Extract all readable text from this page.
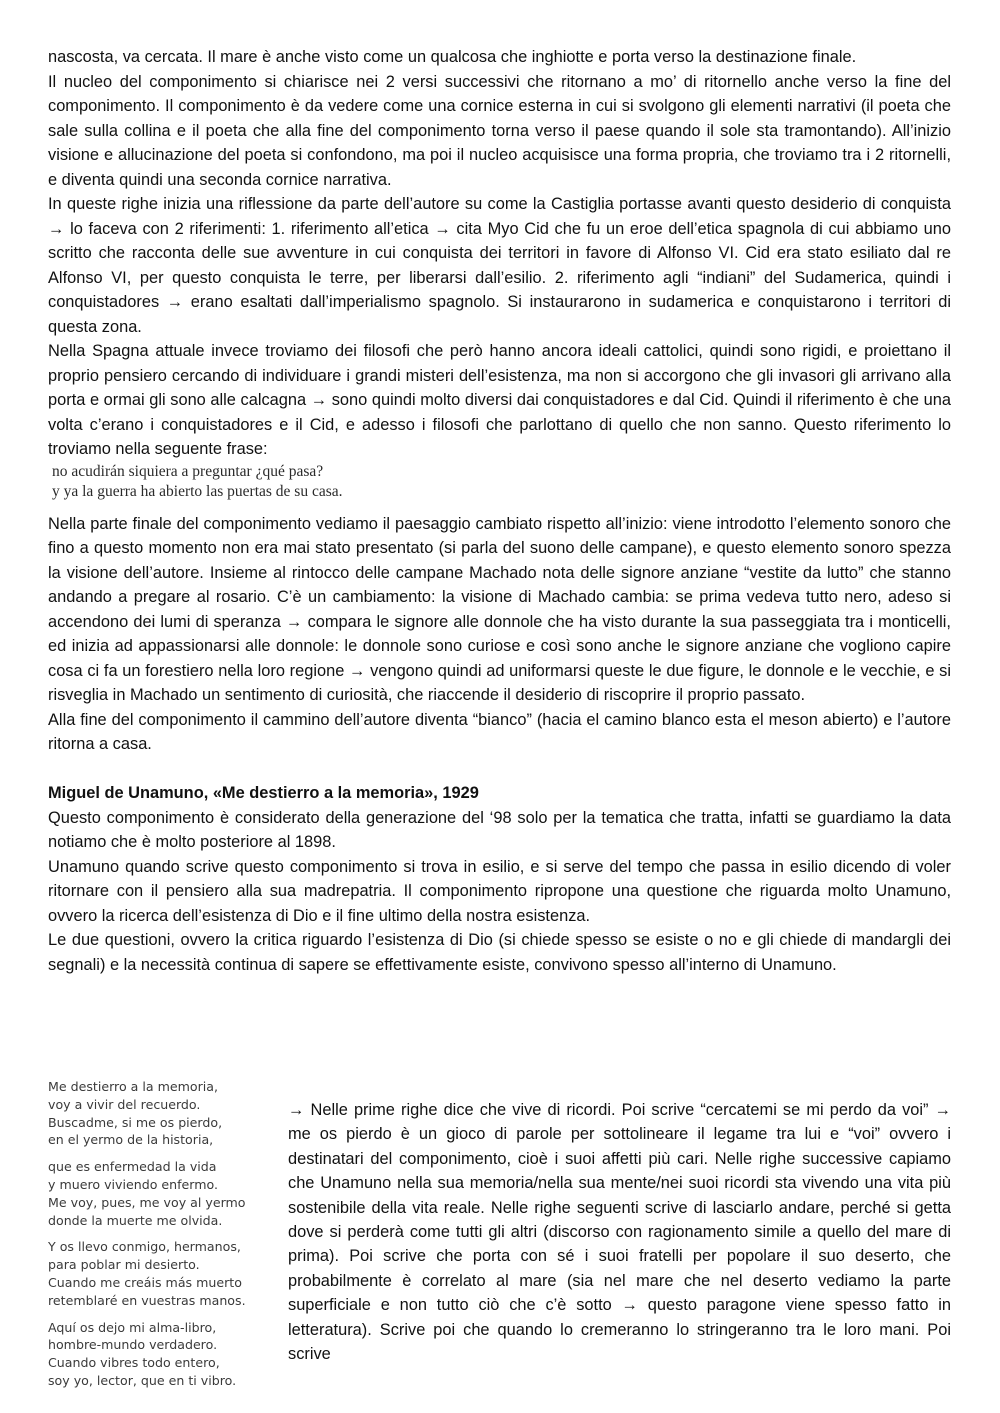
nascosta, va cercata. Il mare è anche visto come un qualcosa che inghiotte e porta verso la destinazione finale.

Il nucleo del componimento si chiarisce nei 2 versi successivi che ritornano a mo’ di ritornello anche verso la fine del componimento. Il componimento è da vedere come una cornice esterna in cui si svolgono gli elementi narrativi (il poeta che sale sulla collina e il poeta che alla fine del componimento torna verso il paese quando il sole sta tramontando). All’inizio visione e allucinazione del poeta si confondono, ma poi il nucleo acquisisce una forma propria, che troviamo tra i 2 ritornelli, e diventa quindi una seconda cornice narrativa.

In queste righe inizia una riflessione da parte dell’autore su come la Castiglia portasse avanti questo desiderio di conquista → lo faceva con 2 riferimenti: 1. riferimento all’etica → cita Myo Cid che fu un eroe dell’etica spagnola di cui abbiamo uno scritto che racconta delle sue avventure in cui conquista dei territori in favore di Alfonso VI. Cid era stato esiliato dal re Alfonso VI, per questo conquista le terre, per liberarsi dall’esilio. 2. riferimento agli “indiani” del Sudamerica, quindi i conquistadores → erano esaltati dall’imperialismo spagnolo. Si instaurarono in sudamerica e conquistarono i territori di questa zona.

Nella Spagna attuale invece troviamo dei filosofi che però hanno ancora ideali cattolici, quindi sono rigidi, e proiettano il proprio pensiero cercando di individuare i grandi misteri dell’esistenza, ma non si accorgono che gli invasori gli arrivano alla porta e ormai gli sono alle calcagna → sono quindi molto diversi dai conquistadores e dal Cid. Quindi il riferimento è che una volta c’erano i conquistadores e il Cid, e adesso i filosofi che parlottano di quello che non sanno. Questo riferimento lo troviamo nella seguente frase:

no acudirán siquiera a preguntar ¿qué pasa?
y ya la guerra ha abierto las puertas de su casa.

Nella parte finale del componimento vediamo il paesaggio cambiato rispetto all’inizio: viene introdotto l’elemento sonoro che fino a questo momento non era mai stato presentato (si parla del suono delle campane), e questo elemento sonoro spezza la visione dell’autore. Insieme al rintocco delle campane Machado nota delle signore anziane “vestite da lutto” che stanno andando a pregare al rosario. C’è un cambiamento: la visione di Machado cambia: se prima vedeva tutto nero, adeso si accendono dei lumi di speranza → compara le signore alle donnole che ha visto durante la sua passeggiata tra i monticelli, ed inizia ad appassionarsi alle donnole: le donnole sono curiose e così sono anche le signore anziane che vogliono capire cosa ci fa un forestiero nella loro regione → vengono quindi ad uniformarsi queste le due figure, le donnole e le vecchie, e si risveglia in Machado un sentimento di curiosità, che riaccende il desiderio di riscoprire il proprio passato.

Alla fine del componimento il cammino dell’autore diventa “bianco” (hacia el camino blanco esta el meson abierto) e l’autore ritorna a casa.

Miguel de Unamuno, «Me destierro a la memoria», 1929

Questo componimento è considerato della generazione del ‘98 solo per la tematica che tratta, infatti se guardiamo la data notiamo che è molto posteriore al 1898.

Unamuno quando scrive questo componimento si trova in esilio, e si serve del tempo che passa in esilio dicendo di voler ritornare con il pensiero alla sua madrepatria. Il componimento ripropone una questione che riguarda molto Unamuno, ovvero la ricerca dell’esistenza di Dio e il fine ultimo della nostra esistenza.

Le due questioni, ovvero la critica riguardo l’esistenza di Dio (si chiede spesso se esiste o no e gli chiede di mandargli dei segnali) e la necessità continua di sapere se effettivamente esiste, convivono spesso all’interno di Unamuno.

Me destierro a la memoria,
voy a vivir del recuerdo.
Buscadme, si me os pierdo,
en el yermo de la historia,
que es enfermedad la vida
y muero viviendo enfermo.
Me voy, pues, me voy al yermo
donde la muerte me olvida.
Y os llevo conmigo, hermanos,
para poblar mi desierto.
Cuando me creáis más muerto
retemblaré en vuestras manos.
Aquí os dejo mi alma-libro,
hombre-mundo verdadero.
Cuando vibres todo entero,
soy yo, lector, que en ti vibro.
→ Nelle prime righe dice che vive di ricordi. Poi scrive “cercatemi se mi perdo da voi” → me os pierdo è un gioco di parole per sottolineare il legame tra lui e “voi” ovvero i destinatari del componimento, cioè i suoi affetti più cari. Nelle righe successive capiamo che Unamuno nella sua memoria/nella sua mente/nei suoi ricordi sta vivendo una vita più sostenibile della vita reale. Nelle righe seguenti scrive di lasciarlo andare, perché si getta dove si perderà come tutti gli altri (discorso con ragionamento simile a quello del mare di prima). Poi scrive che porta con sé i suoi fratelli per popolare il suo deserto, che probabilmente è correlato al mare (sia nel mare che nel deserto vediamo la parte superficiale e non tutto ciò che c’è sotto → questo paragone viene spesso fatto in letteratura). Scrive poi che quando lo cremeranno lo stringeranno tra le loro mani. Poi scrive
